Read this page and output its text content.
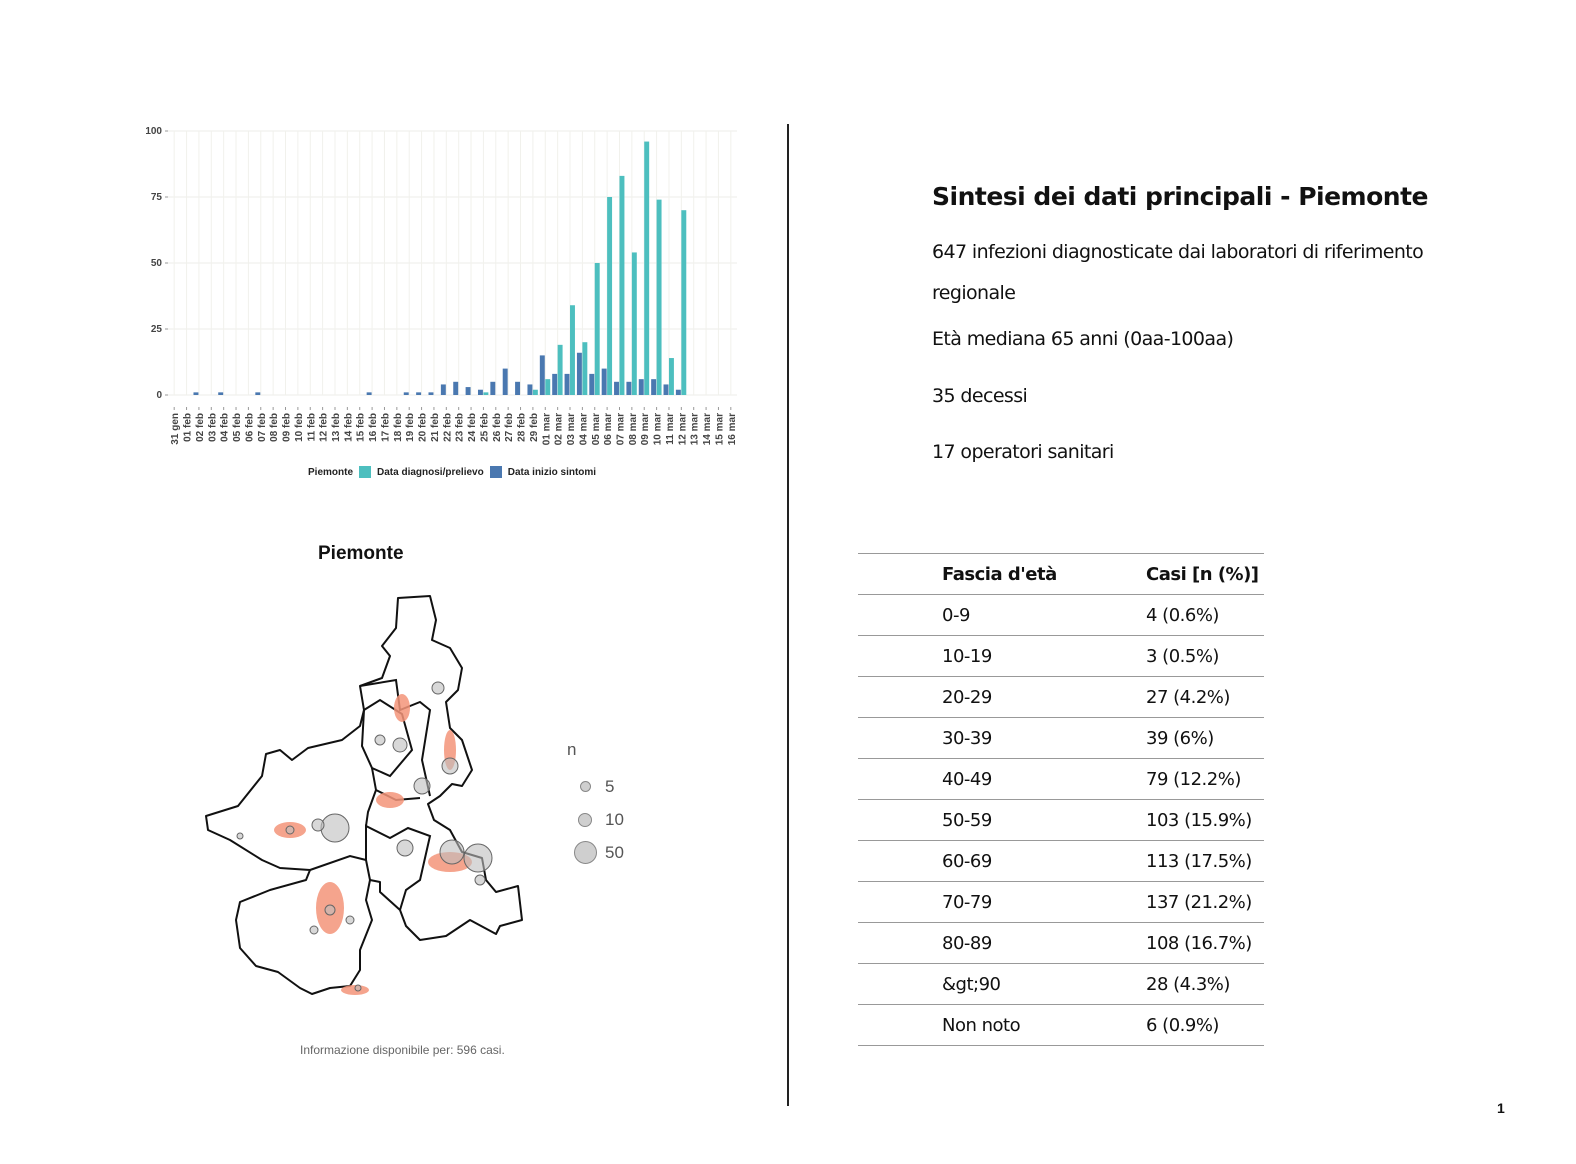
0
25
50
75
100
31 gen 01 feb 02 feb 03 feb 04 feb 05 feb 06 feb 07 feb 08 feb 09 feb 10 feb 11 feb 12 feb 13 feb 14 feb 15 feb 16 feb 17 feb 18 feb 19 feb 20 feb 21 feb 22 feb 23 feb 24 feb 25 feb 26 feb 27 feb 28 feb 29 feb 01 mar 02 mar 03 mar 04 mar 05 mar 06 mar 07 mar 08 mar 09 mar 10 mar 11 mar 12 mar 13 mar 14 mar 15 mar 16 mar
Piemonte Data diagnosi/prelievo Data inizio sintomi
Piemonte
n
5
10
50
Informazione disponibile per: 596 casi.
Sintesi dei dati principali - Piemonte

647 infezioni diagnosticate dai laboratori di riferimento regionale

Età mediana 65 anni (0aa-100aa)

35 decessi

17 operatori sanitari

Fascia d'età	Casi [n (%)]
0-9	4 (0.6%)
10-19	3 (0.5%)
20-29	27 (4.2%)
30-39	39 (6%)
40-49	79 (12.2%)
50-59	103 (15.9%)
60-69	113 (17.5%)
70-79	137 (21.2%)
80-89	108 (16.7%)
&gt;90	28 (4.3%)
Non noto	6 (0.9%)
1
